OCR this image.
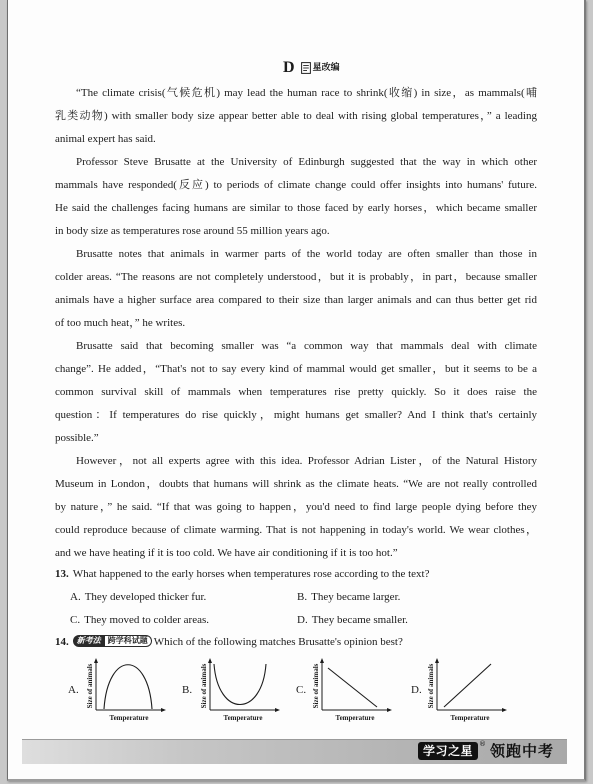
D 星改编
“The climate crisis(气候危机) may lead the human race to shrink(收缩) in size，as mammals(哺
乳类动物) with smaller body size appear better able to deal with rising global temperatures，” a leading
animal expert has said.
Professor Steve Brusatte at the University of Edinburgh suggested that the way in which other
mammals have responded(反应) to periods of climate change could offer insights into humans' future.
He said the challenges facing humans are similar to those faced by early horses，which became smaller
in body size as temperatures rose around 55 million years ago.
Brusatte notes that animals in warmer parts of the world today are often smaller than those in
colder areas. “The reasons are not completely understood，but it is probably，in part，because smaller
animals have a higher surface area compared to their size than larger animals and can thus better get rid
of too much heat，” he writes.
Brusatte said that becoming smaller was “a common way that mammals deal with climate
change”. He added，“That's not to say every kind of mammal would get smaller，but it seems to be a
common survival skill of mammals when temperatures rise pretty quickly. So it does raise the
question：If temperatures do rise quickly，might humans get smaller? And I think that's certainly
possible.”
However，not all experts agree with this idea. Professor Adrian Lister，of the Natural History
Museum in London，doubts that humans will shrink as the climate heats. “We are not really controlled
by nature，” he said. “If that was going to happen，you'd need to find large people dying before they
could reproduce because of climate warming. That is not happening in today's world. We wear clothes，
and we have heating if it is too cold. We have air conditioning if it is too hot.”
13. What happened to the early horses when temperatures rose according to the text?
A. They developed thicker fur.	B. They became larger.
C. They moved to colder areas.	D. They became smaller.
14.	新考法 跨学科试题 Which of the following matches Brusatte's opinion best?
A. Size of animals
Temperature
B. Size of animals
Temperature
C. Size of animals
Temperature
D. Size of animals
Temperature
学习之星 ® 领跑中考
